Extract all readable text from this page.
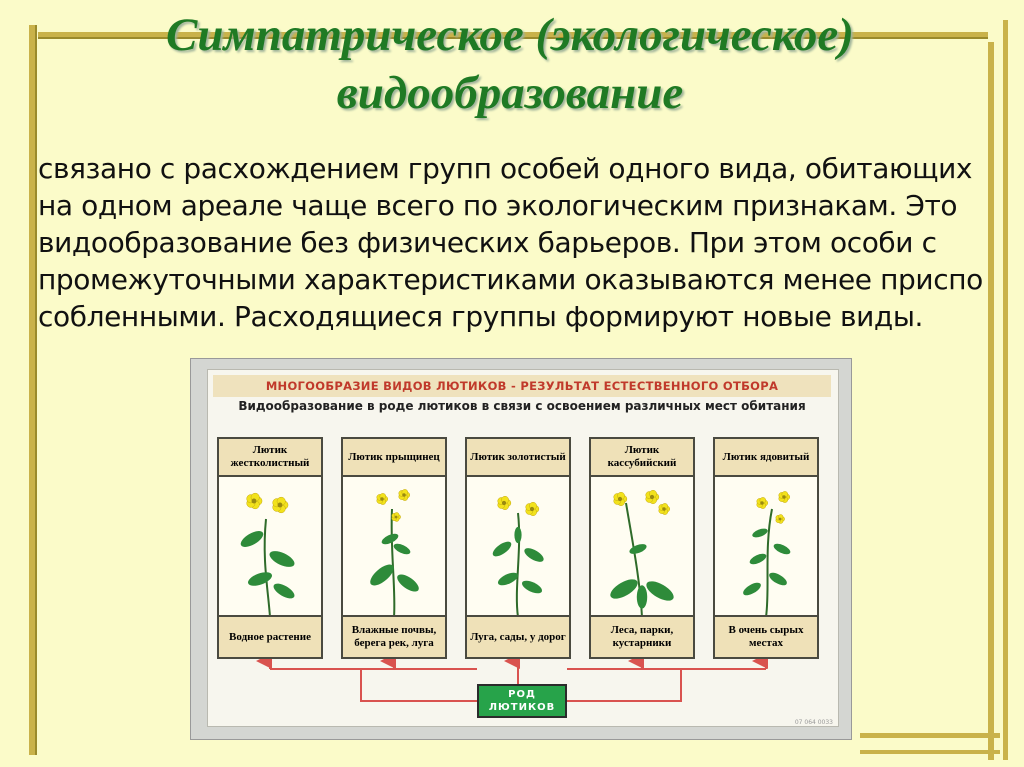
Симпатрическое (экологическое) видообразование

связано с расхождением групп особей одного вида, обитающих на одном ареале чаще всего по экологическим признакам. Это видообразование без физических барьеров. При этом особи с промежуточными характеристиками оказываются менее приспо собленными. Расходящиеся группы формируют новые виды.

МНОГООБРАЗИЕ ВИДОВ ЛЮТИКОВ - РЕЗУЛЬТАТ ЕСТЕСТВЕННОГО ОТБОРА
Видообразование в роде лютиков в связи с освоением различных мест обитания
Лютик жестколистный
Водное растение
Лютик прыщинец
Влажные почвы, берега рек, луга
Лютик золотистый
Луга, сады, у дорог
Лютик кассубийский
Леса, парки, кустарники
Лютик ядовитый
В очень сырых местах
РОД ЛЮТИКОВ
07 064 0033
